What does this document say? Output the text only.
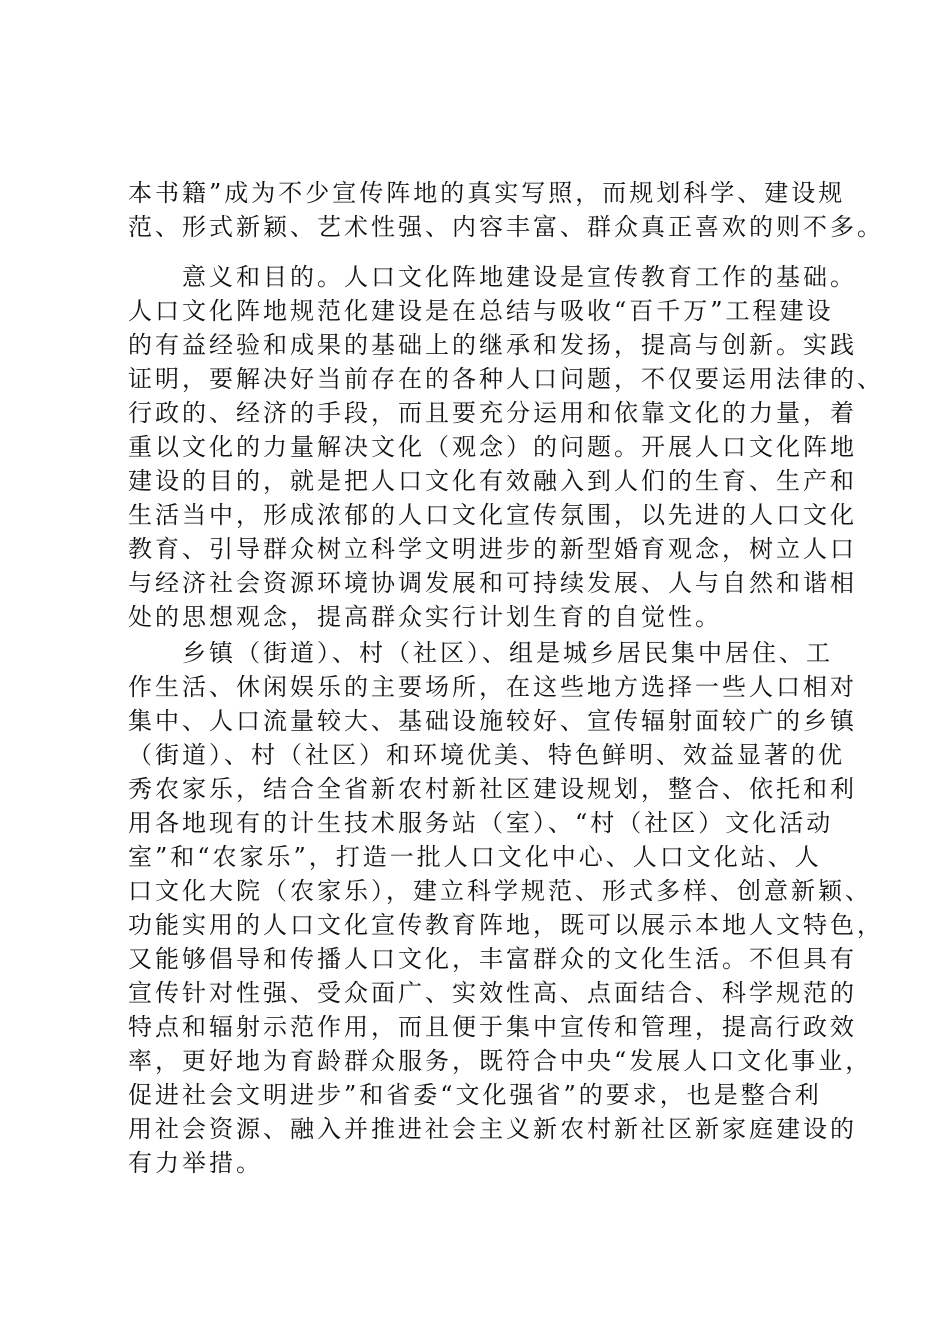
本书籍”成为不少宣传阵地的真实写照，而规划科学、建设规
范、形式新颖、艺术性强、内容丰富、群众真正喜欢的则不多。
意义和目的。人口文化阵地建设是宣传教育工作的基础。
人口文化阵地规范化建设是在总结与吸收“百千万”工程建设
的有益经验和成果的基础上的继承和发扬，提高与创新。实践
证明，要解决好当前存在的各种人口问题，不仅要运用法律的、
行政的、经济的手段，而且要充分运用和依靠文化的力量，着
重以文化的力量解决文化（观念）的问题。开展人口文化阵地
建设的目的，就是把人口文化有效融入到人们的生育、生产和
生活当中，形成浓郁的人口文化宣传氛围，以先进的人口文化
教育、引导群众树立科学文明进步的新型婚育观念，树立人口
与经济社会资源环境协调发展和可持续发展、人与自然和谐相
处的思想观念，提高群众实行计划生育的自觉性。
乡镇（街道）、村（社区）、组是城乡居民集中居住、工
作生活、休闲娱乐的主要场所，在这些地方选择一些人口相对
集中、人口流量较大、基础设施较好、宣传辐射面较广的乡镇
（街道）、村（社区）和环境优美、特色鲜明、效益显著的优
秀农家乐，结合全省新农村新社区建设规划，整合、依托和利
用各地现有的计生技术服务站（室）、“村（社区）文化活动
室”和“农家乐”，打造一批人口文化中心、人口文化站、人
口文化大院（农家乐），建立科学规范、形式多样、创意新颖、
功能实用的人口文化宣传教育阵地，既可以展示本地人文特色，
又能够倡导和传播人口文化，丰富群众的文化生活。不但具有
宣传针对性强、受众面广、实效性高、点面结合、科学规范的
特点和辐射示范作用，而且便于集中宣传和管理，提高行政效
率，更好地为育龄群众服务，既符合中央“发展人口文化事业，
促进社会文明进步”和省委“文化强省”的要求，也是整合利
用社会资源、融入并推进社会主义新农村新社区新家庭建设的
有力举措。
